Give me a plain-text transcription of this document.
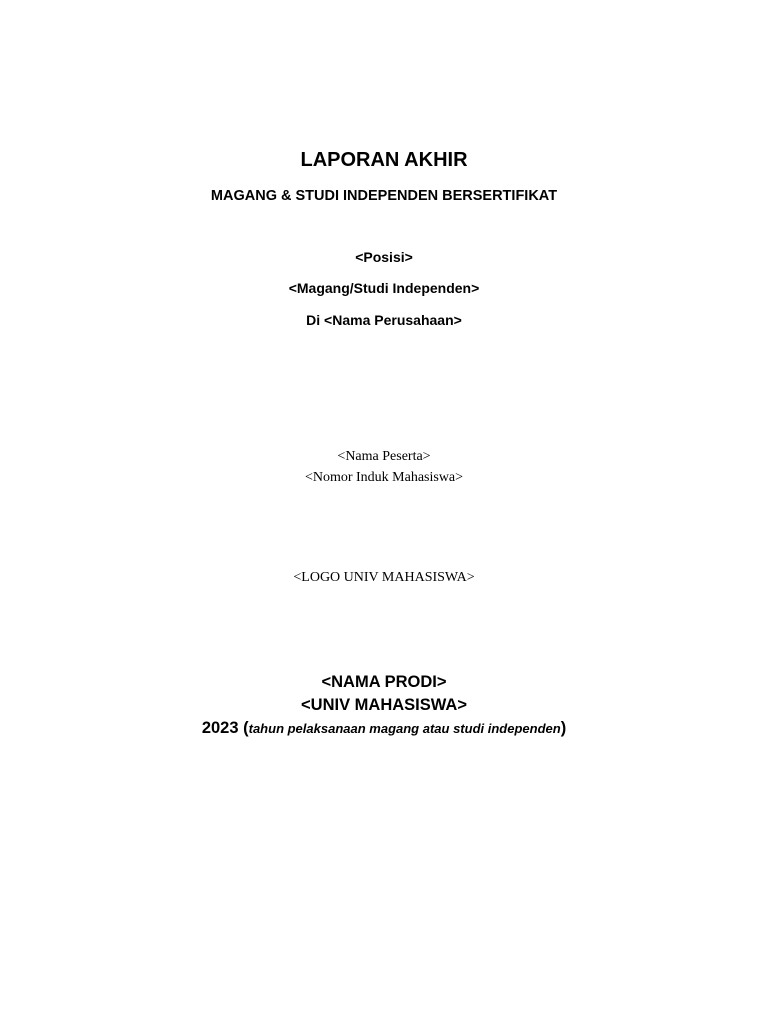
LAPORAN AKHIR
MAGANG & STUDI INDEPENDEN BERSERTIFIKAT
<Posisi>
<Magang/Studi Independen>
Di <Nama Perusahaan>
<Nama Peserta>
<Nomor Induk Mahasiswa>
<LOGO UNIV MAHASISWA>
<NAMA PRODI>
<UNIV MAHASISWA>
2023 (tahun pelaksanaan magang atau studi independen)
